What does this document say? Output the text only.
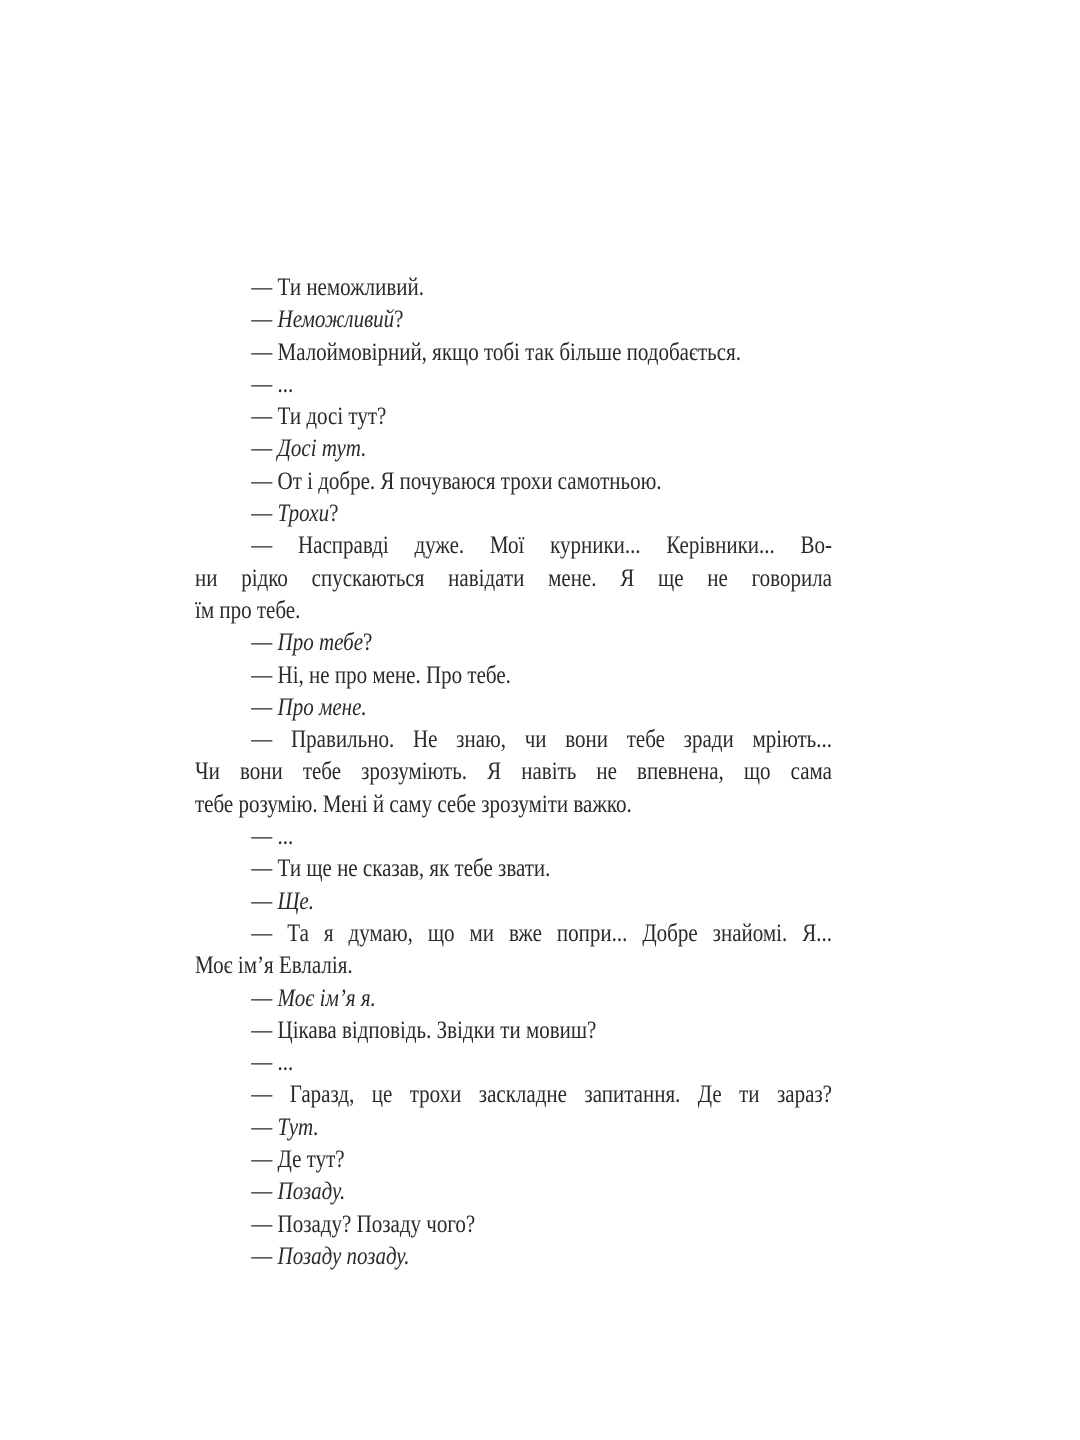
— Ти неможливий.
— Неможливий?
— Малоймовірний, якщо тобі так більше подобається.
— ...
— Ти досі тут?
— Досі тут.
— От і добре. Я почуваюся трохи самотньою.
— Трохи?
— Насправді дуже. Мої курники... Керівники... Во-
ни рідко спускаються навідати мене. Я ще не говорила
їм про тебе.
— Про тебе?
— Ні, не про мене. Про тебе.
— Про мене.
— Правильно. Не знаю, чи вони тебе зради мріють...
Чи вони тебе зрозуміють. Я навіть не впевнена, що сама
тебе розумію. Мені й саму себе зрозуміти важко.
— ...
— Ти ще не сказав, як тебе звати.
— Ще.
— Та я думаю, що ми вже попри... Добре знайомі. Я...
Моє ім’я Евлалія.
— Моє ім’я я.
— Цікава відповідь. Звідки ти мовиш?
— ...
— Гаразд, це трохи заскладне запитання. Де ти зараз?
— Тут.
— Де тут?
— Позаду.
— Позаду? Позаду чого?
— Позаду позаду.
